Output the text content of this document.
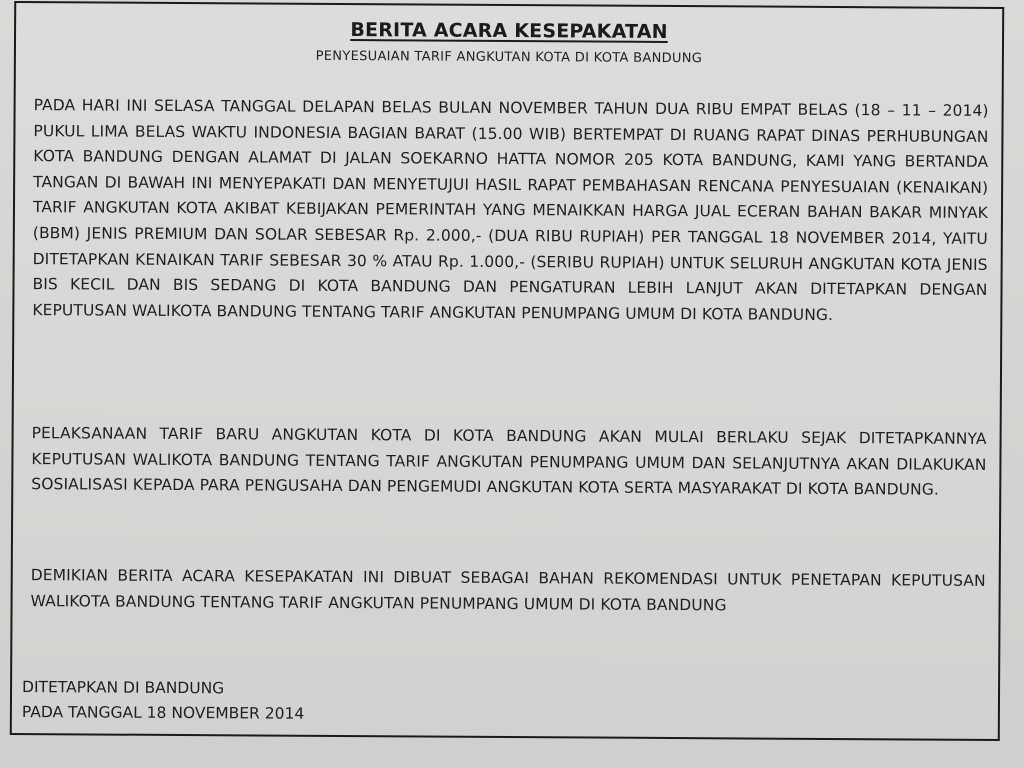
BERITA ACARA KESEPAKATAN
PENYESUAIAN TARIF ANGKUTAN KOTA DI KOTA BANDUNG
PADA HARI INI SELASA TANGGAL DELAPAN BELAS BULAN NOVEMBER TAHUN DUA RIBU EMPAT BELAS (18 – 11 – 2014) PUKUL LIMA BELAS WAKTU INDONESIA BAGIAN BARAT (15.00 WIB) BERTEMPAT DI RUANG RAPAT DINAS PERHUBUNGAN KOTA BANDUNG DENGAN ALAMAT DI JALAN SOEKARNO HATTA NOMOR 205 KOTA BANDUNG, KAMI YANG BERTANDA TANGAN DI BAWAH INI MENYEPAKATI DAN MENYETUJUI HASIL RAPAT PEMBAHASAN RENCANA PENYESUAIAN (KENAIKAN) TARIF ANGKUTAN KOTA AKIBAT KEBIJAKAN PEMERINTAH YANG MENAIKKAN HARGA JUAL ECERAN BAHAN BAKAR MINYAK (BBM) JENIS PREMIUM DAN SOLAR SEBESAR Rp. 2.000,- (DUA RIBU RUPIAH) PER TANGGAL 18 NOVEMBER 2014, YAITU DITETAPKAN KENAIKAN TARIF SEBESAR 30 % ATAU Rp. 1.000,- (SERIBU RUPIAH) UNTUK SELURUH ANGKUTAN KOTA JENIS BIS KECIL DAN BIS SEDANG DI KOTA BANDUNG DAN PENGATURAN LEBIH LANJUT AKAN DITETAPKAN DENGAN KEPUTUSAN WALIKOTA BANDUNG TENTANG TARIF ANGKUTAN PENUMPANG UMUM DI KOTA BANDUNG.
PELAKSANAAN TARIF BARU ANGKUTAN KOTA DI KOTA BANDUNG AKAN MULAI BERLAKU SEJAK DITETAPKANNYA KEPUTUSAN WALIKOTA BANDUNG TENTANG TARIF ANGKUTAN PENUMPANG UMUM DAN SELANJUTNYA AKAN DILAKUKAN SOSIALISASI KEPADA PARA PENGUSAHA DAN PENGEMUDI ANGKUTAN KOTA SERTA MASYARAKAT DI KOTA BANDUNG.
DEMIKIAN BERITA ACARA KESEPAKATAN INI DIBUAT SEBAGAI BAHAN REKOMENDASI UNTUK PENETAPAN KEPUTUSAN WALIKOTA BANDUNG TENTANG TARIF ANGKUTAN PENUMPANG UMUM DI KOTA BANDUNG
DITETAPKAN DI BANDUNG
PADA TANGGAL 18 NOVEMBER 2014
